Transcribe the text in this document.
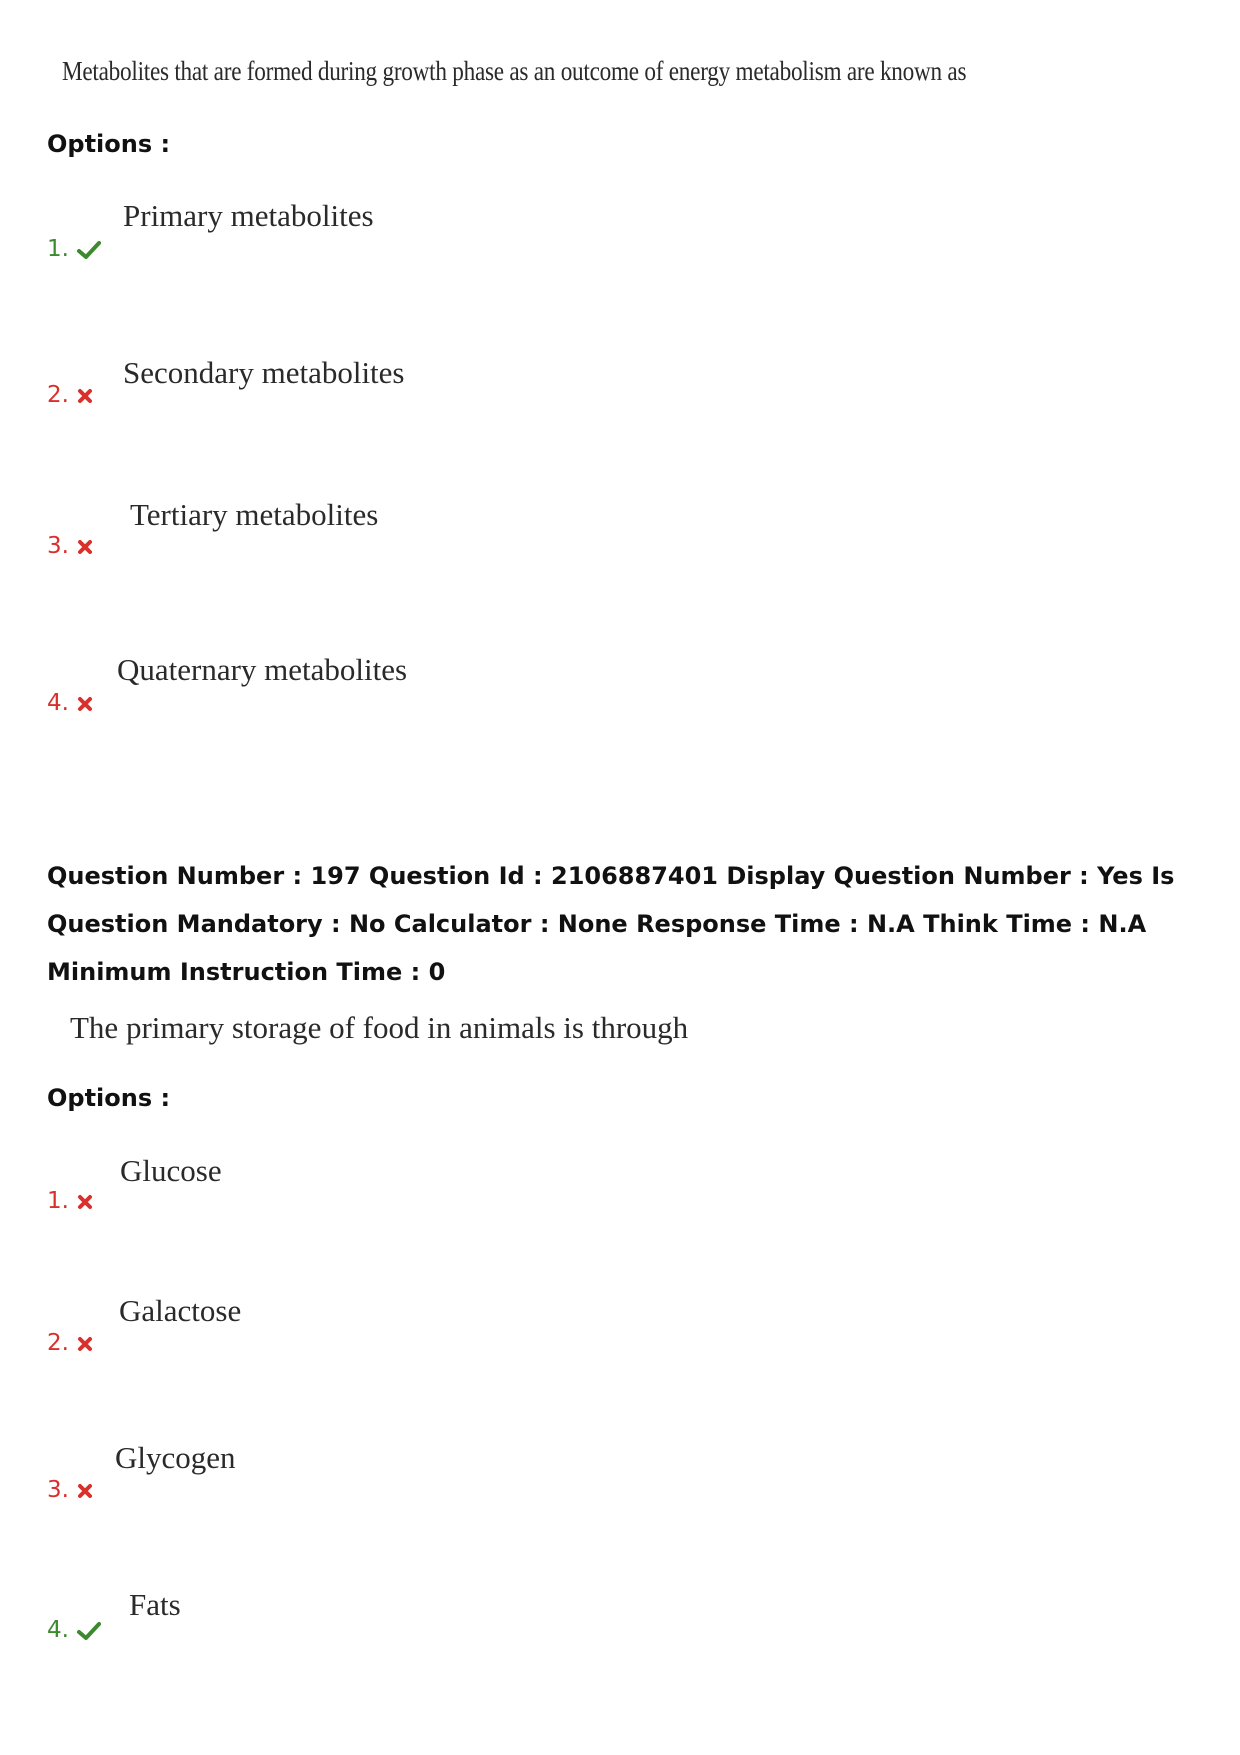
Metabolites that are formed during growth phase as an outcome of energy metabolism are known as
Options :
Primary metabolites
1.
Secondary metabolites
2.
Tertiary metabolites
3.
Quaternary metabolites
4.
Question Number : 197 Question Id : 2106887401 Display Question Number : Yes Is Question Mandatory : No Calculator : None Response Time : N.A Think Time : N.A Minimum Instruction Time : 0
The primary storage of food in animals is through
Options :
Glucose
1.
Galactose
2.
Glycogen
3.
Fats
4.
